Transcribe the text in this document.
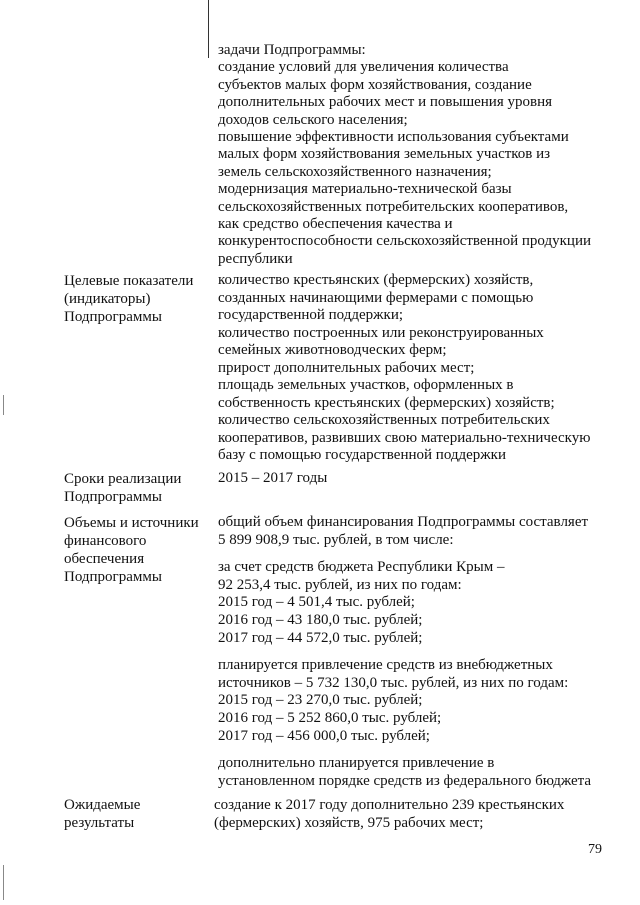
задачи Подпрограммы:
создание условий для увеличения количества
субъектов малых форм хозяйствования, создание
дополнительных рабочих мест и повышения уровня
доходов сельского населения;
повышение эффективности использования субъектами
малых форм хозяйствования земельных участков из
земель сельскохозяйственного назначения;
модернизация материально-технической базы
сельскохозяйственных потребительских кооперативов,
как средство обеспечения качества и
конкурентоспособности сельскохозяйственной продукции
республики
Целевые показатели
(индикаторы)
Подпрограммы
количество крестьянских (фермерских) хозяйств,
созданных начинающими фермерами с помощью
государственной поддержки;
количество построенных или реконструированных
семейных животноводческих ферм;
прирост дополнительных рабочих мест;
площадь земельных участков, оформленных в
собственность крестьянских (фермерских) хозяйств;
количество сельскохозяйственных потребительских
кооперативов, развивших свою материально-техническую
базу с помощью государственной поддержки
Сроки реализации
Подпрограммы
2015 – 2017 годы
Объемы и источники
финансового
обеспечения
Подпрограммы
общий объем финансирования Подпрограммы составляет
5 899 908,9 тыс. рублей, в том числе:
за счет средств бюджета Республики Крым –
92 253,4 тыс. рублей, из них по годам:
2015 год – 4 501,4 тыс. рублей;
2016 год – 43 180,0 тыс. рублей;
2017 год – 44 572,0 тыс. рублей;
планируется привлечение средств из внебюджетных
источников – 5 732 130,0 тыс. рублей, из них по годам:
2015 год – 23 270,0 тыс. рублей;
2016 год – 5 252 860,0 тыс. рублей;
2017 год – 456 000,0 тыс. рублей;
дополнительно планируется привлечение в
установленном порядке средств из федерального бюджета
Ожидаемые
результаты
создание к 2017 году дополнительно 239 крестьянских
(фермерских) хозяйств, 975 рабочих мест;
79
